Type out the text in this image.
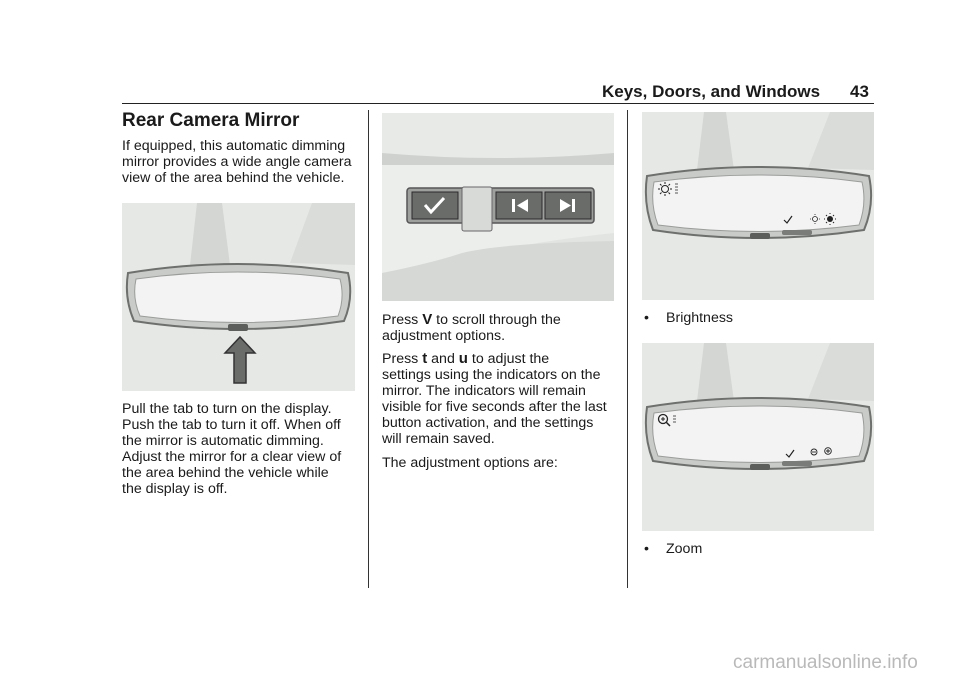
Keys, Doors, and Windows 43
Rear Camera Mirror
If equipped, this automatic dimming
mirror provides a wide angle camera
view of the area behind the vehicle.
Pull the tab to turn on the display.
Push the tab to turn it off. When off
the mirror is automatic dimming.
Adjust the mirror for a clear view of
the area behind the vehicle while
the display is off.
Press V to scroll through the
adjustment options.
Press t and u to adjust the
settings using the indicators on the
mirror. The indicators will remain
visible for five seconds after the last
button activation, and the settings
will remain saved.
The adjustment options are:
• Brightness
• Zoom
carmanualsonline.info
